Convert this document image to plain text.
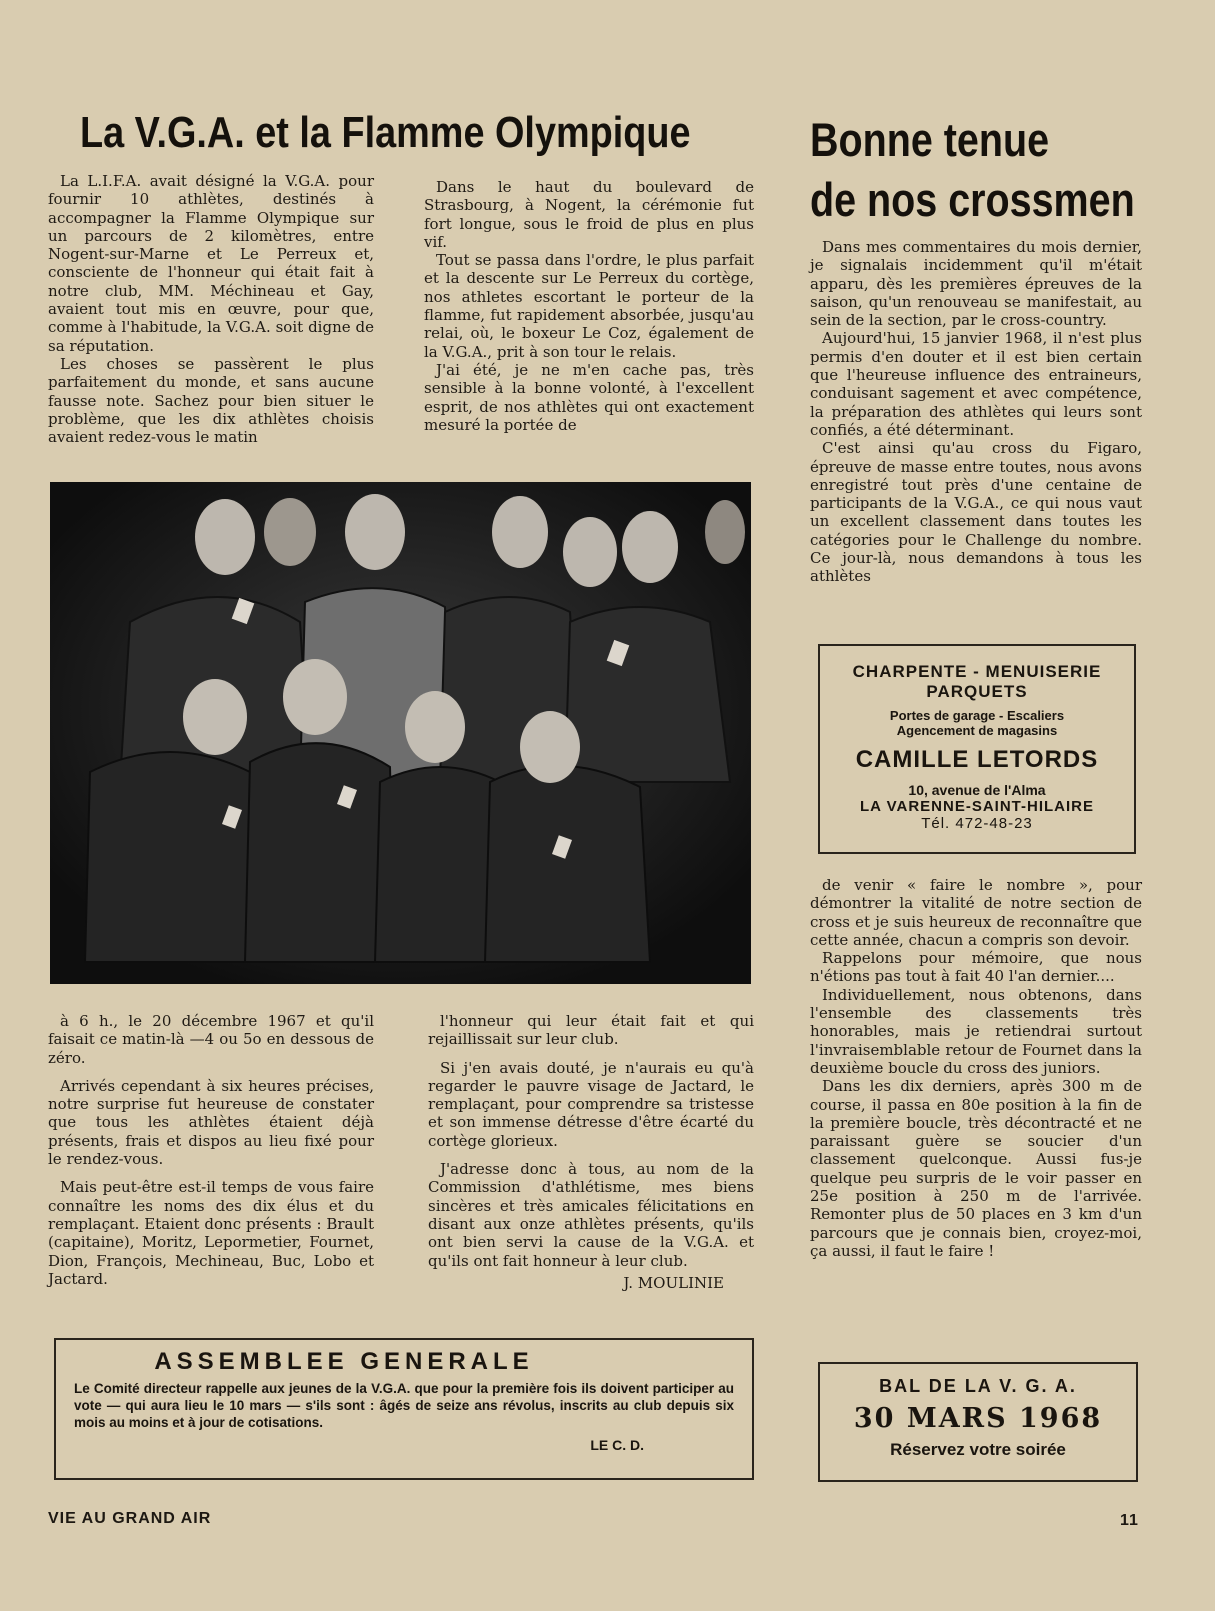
La V.G.A. et la Flamme Olympique	Bonne tenue
de nos crossmen

La L.I.F.A. avait désigné la V.G.A. pour fournir 10 athlètes, destinés à accompagner la Flamme Olympique sur un parcours de 2 kilomètres, entre Nogent-sur-Marne et Le Perreux et, consciente de l'honneur qui était fait à notre club, MM. Méchineau et Gay, avaient tout mis en œuvre, pour que, comme à l'habitude, la V.G.A. soit digne de sa réputation.

Les choses se passèrent le plus parfaitement du monde, et sans aucune fausse note. Sachez pour bien situer le problème, que les dix athlètes choisis avaient redez-vous le matin

Dans le haut du boulevard de Strasbourg, à Nogent, la cérémonie fut fort longue, sous le froid de plus en plus vif.

Tout se passa dans l'ordre, le plus parfait et la descente sur Le Perreux du cortège, nos athletes escortant le porteur de la flamme, fut rapidement absorbée, jusqu'au relai, où, le boxeur Le Coz, également de la V.G.A., prit à son tour le relais.

J'ai été, je ne m'en cache pas, très sensible à la bonne volonté, à l'excellent esprit, de nos athlètes qui ont exactement mesuré la portée de

à 6 h., le 20 décembre 1967 et qu'il faisait ce matin-là —4 ou 5o en dessous de zéro.

Arrivés cependant à six heures précises, notre surprise fut heureuse de constater que tous les athlètes étaient déjà présents, frais et dispos au lieu fixé pour le rendez-vous.

Mais peut-être est-il temps de vous faire connaître les noms des dix élus et du remplaçant. Etaient donc présents : Brault (capitaine), Moritz, Lepormetier, Fournet, Dion, François, Mechineau, Buc, Lobo et Jactard.

l'honneur qui leur était fait et qui rejaillissait sur leur club.

Si j'en avais douté, je n'aurais eu qu'à regarder le pauvre visage de Jactard, le remplaçant, pour comprendre sa tristesse et son immense détresse d'être écarté du cortège glorieux.

J'adresse donc à tous, au nom de la Commission d'athlétisme, mes biens sincères et très amicales félicitations en disant aux onze athlètes présents, qu'ils ont bien servi la cause de la V.G.A. et qu'ils ont fait honneur à leur club.

J. MOULINIE

Dans mes commentaires du mois dernier, je signalais incidemment qu'il m'était apparu, dès les premières épreuves de la saison, qu'un renouveau se manifestait, au sein de la section, par le cross-country.

Aujourd'hui, 15 janvier 1968, il n'est plus permis d'en douter et il est bien certain que l'heureuse influence des entraineurs, conduisant sagement et avec compétence, la préparation des athlètes qui leurs sont confiés, a été déterminant.

C'est ainsi qu'au cross du Figaro, épreuve de masse entre toutes, nous avons enregistré tout près d'une centaine de participants de la V.G.A., ce qui nous vaut un excellent classement dans toutes les catégories pour le Challenge du nombre. Ce jour-là, nous demandons à tous les athlètes

CHARPENTE - MENUISERIE
PARQUETS
Portes de garage - Escaliers
Agencement de magasins
CAMILLE LETORDS
10, avenue de l'Alma
LA VARENNE-SAINT-HILAIRE
Tél. 472-48-23

de venir « faire le nombre », pour démontrer la vitalité de notre section de cross et je suis heureux de reconnaître que cette année, chacun a compris son devoir.

Rappelons pour mémoire, que nous n'étions pas tout à fait 40 l'an dernier....

Individuellement, nous obtenons, dans l'ensemble des classements très honorables, mais je retiendrai surtout l'invraisemblable retour de Fournet dans la deuxième boucle du cross des juniors.

Dans les dix derniers, après 300 m de course, il passa en 80e position à la fin de la première boucle, très décontracté et ne paraissant guère se soucier d'un classement quelconque. Aussi fus-je quelque peu surpris de le voir passer en 25e position à 250 m de l'arrivée. Remonter plus de 50 places en 3 km d'un parcours que je connais bien, croyez-moi, ça aussi, il faut le faire !

ASSEMBLEE GENERALE
Le Comité directeur rappelle aux jeunes de la V.G.A. que pour la première fois ils doivent participer au vote — qui aura lieu le 10 mars — s'ils sont : âgés de seize ans révolus, inscrits au club depuis six mois au moins et à jour de cotisations.
LE C. D.
BAL DE LA V. G. A.
30 MARS 1968
Réservez votre soirée
VIE AU GRAND AIR	11
